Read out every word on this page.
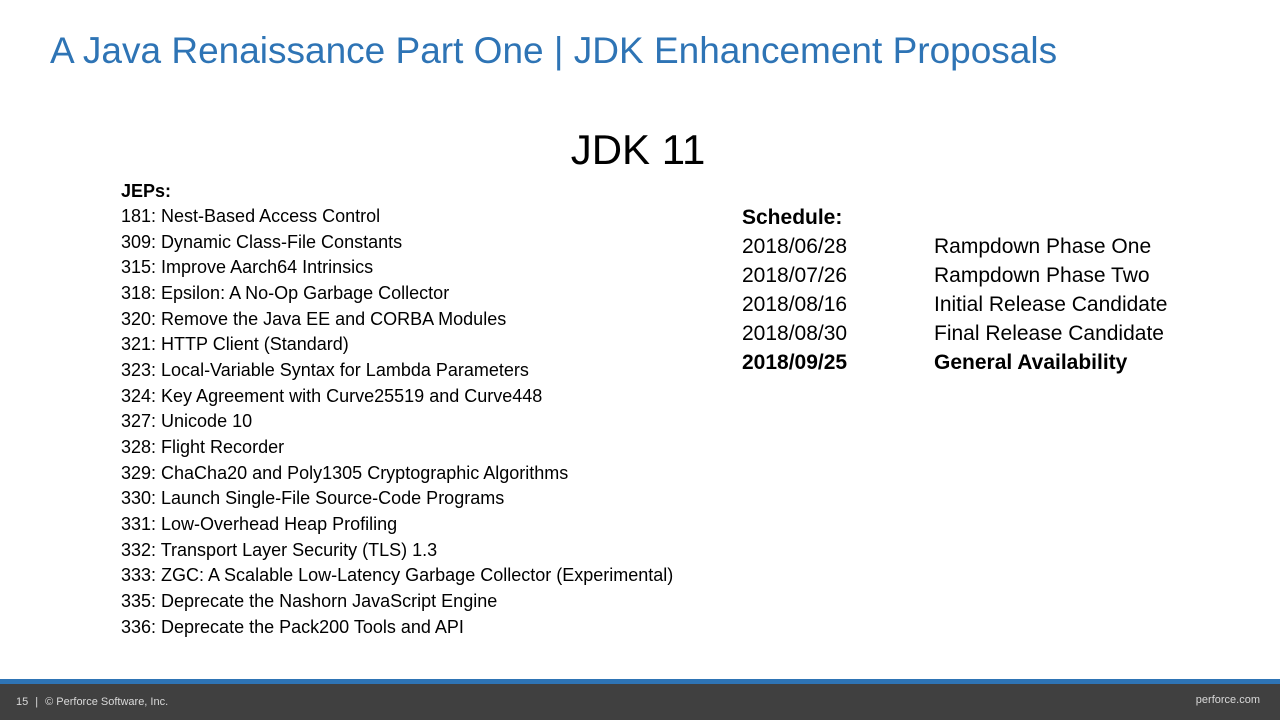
A Java Renaissance Part One | JDK Enhancement Proposals
JDK 11
JEPs:
181: Nest-Based Access Control
309: Dynamic Class-File Constants
315: Improve Aarch64 Intrinsics
318: Epsilon: A No-Op Garbage Collector
320: Remove the Java EE and CORBA Modules
321: HTTP Client (Standard)
323: Local-Variable Syntax for Lambda Parameters
324: Key Agreement with Curve25519 and Curve448
327: Unicode 10
328: Flight Recorder
329: ChaCha20 and Poly1305 Cryptographic Algorithms
330: Launch Single-File Source-Code Programs
331: Low-Overhead Heap Profiling
332: Transport Layer Security (TLS) 1.3
333: ZGC: A Scalable Low-Latency Garbage Collector (Experimental)
335: Deprecate the Nashorn JavaScript Engine
336: Deprecate the Pack200 Tools and API
Schedule:
2018/06/28	Rampdown Phase One
2018/07/26	Rampdown Phase Two
2018/08/16	Initial Release Candidate
2018/08/30	Final Release Candidate
2018/09/25	General Availability
15 | © Perforce Software, Inc.	perforce.com
